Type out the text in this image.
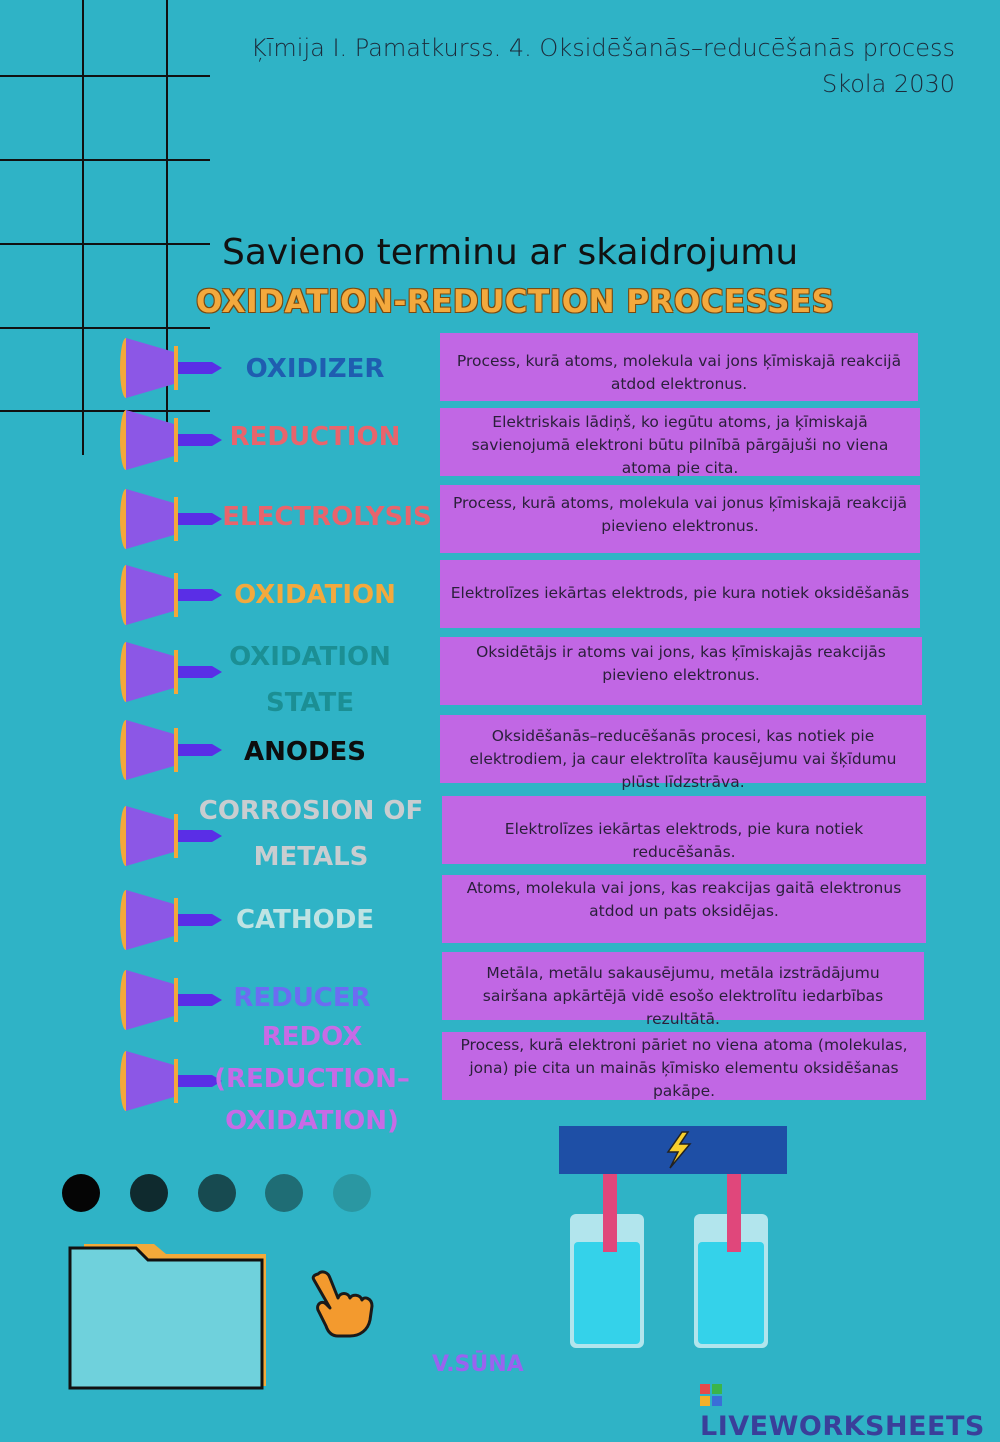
Ķīmija I. Pamatkurss. 4. Oksidēšanās–reducēšanās process
Skola 2030
Savieno terminu ar skaidrojumu
OXIDATION-REDUCTION PROCESSES
OXIDIZER
REDUCTION
ELECTROLYSIS
OXIDATION
OXIDATION STATE
ANODES
CORROSION OF METALS
CATHODE
REDUCER
REDOX (REDUCTION–OXIDATION)
Process, kurā atoms, molekula vai jons ķīmiskajā reakcijā atdod elektronus.
Elektriskais lādiņš, ko iegūtu atoms, ja ķīmiskajā savienojumā elektroni būtu pilnībā pārgājuši no viena atoma pie cita.
Process, kurā atoms, molekula vai jonus ķīmiskajā reakcijā pievieno elektronus.
Elektrolīzes iekārtas elektrods, pie kura notiek oksidēšanās
Oksidētājs ir atoms vai jons, kas ķīmiskajās reakcijās pievieno elektronus.
Oksidēšanās–reducēšanās procesi, kas notiek pie elektrodiem, ja caur elektrolīta kausējumu vai šķīdumu plūst līdzstrāva.
Elektrolīzes iekārtas elektrods, pie kura notiek reducēšanās.
Atoms, molekula vai jons, kas reakcijas gaitā elektronus atdod un pats oksidējas.
Metāla, metālu sakausējumu, metāla izstrādājumu sairšana apkārtējā vidē esošo elektrolītu iedarbības rezultātā.
Process, kurā elektroni pāriet no viena atoma (molekulas, jona) pie cita un mainās ķīmisko elementu oksidēšanas pakāpe.
V.SŪNA
LIVEWORKSHEETS
